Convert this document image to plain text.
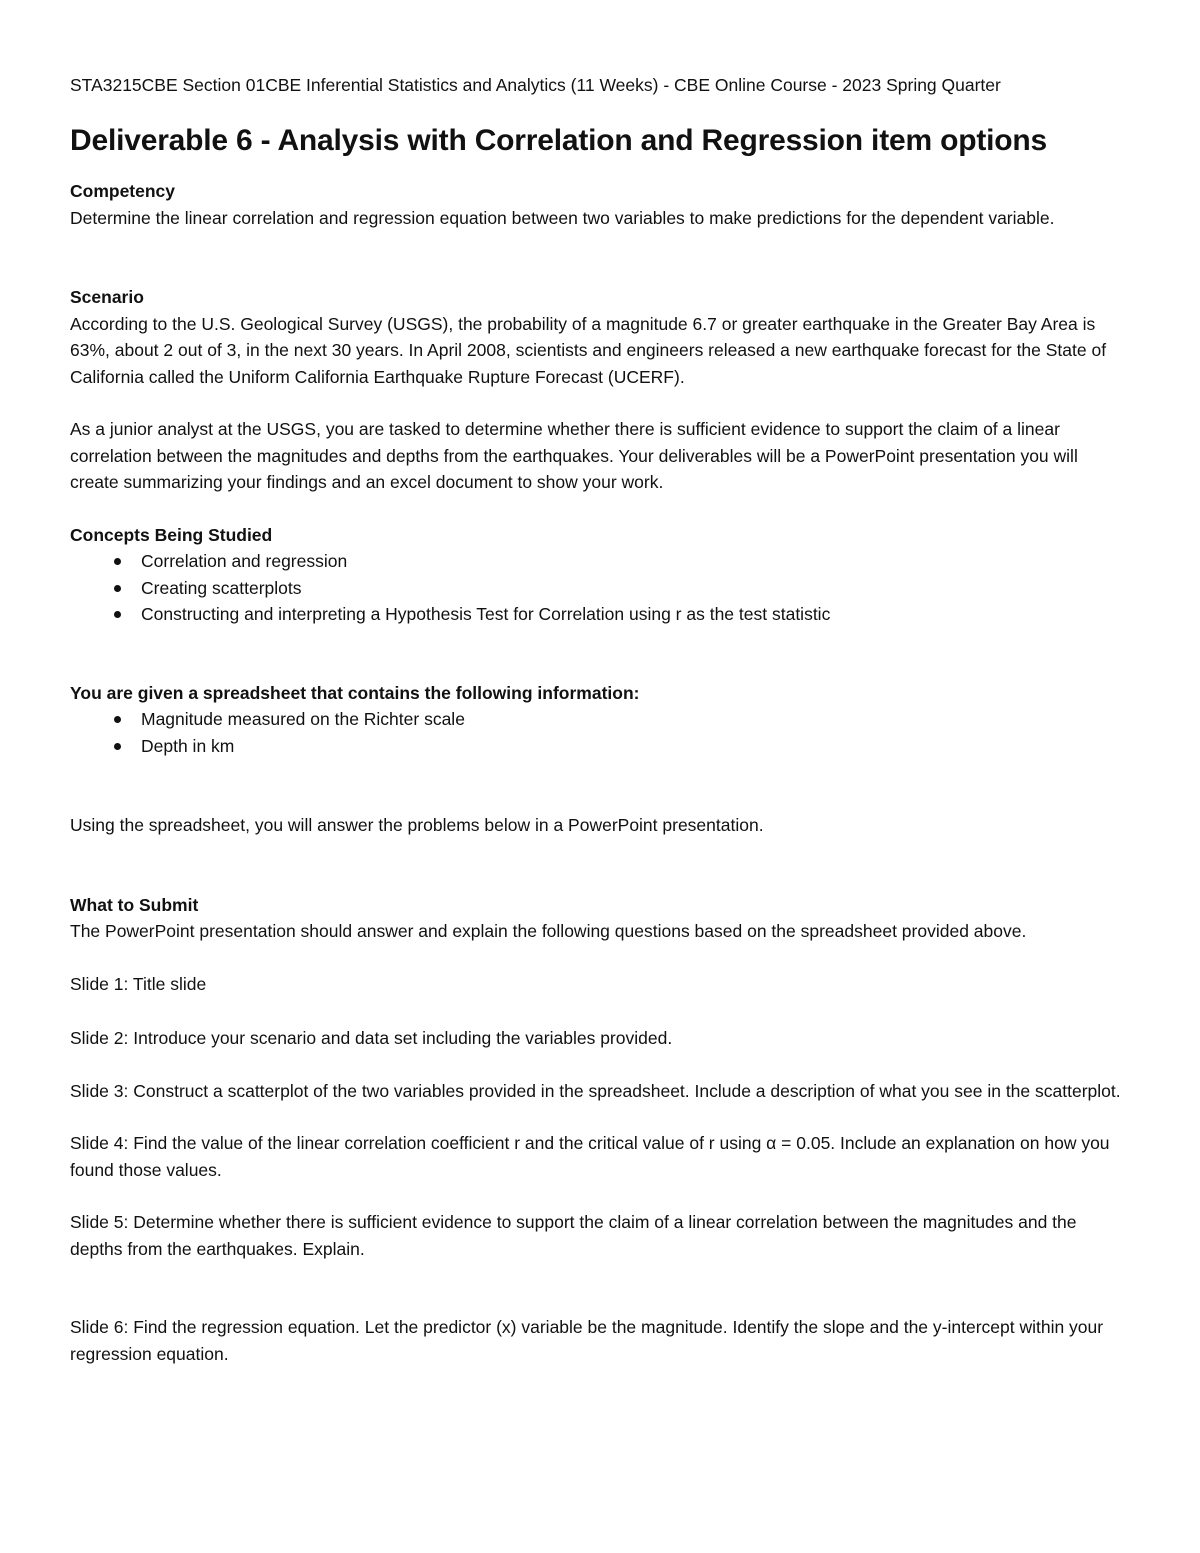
STA3215CBE Section 01CBE Inferential Statistics and Analytics (11 Weeks) - CBE Online Course - 2023 Spring Quarter

Deliverable 6 - Analysis with Correlation and Regression item options

Competency

Determine the linear correlation and regression equation between two variables to make predictions for the dependent variable.

Scenario

According to the U.S. Geological Survey (USGS), the probability of a magnitude 6.7 or greater earthquake in the Greater Bay Area is 63%, about 2 out of 3, in the next 30 years. In April 2008, scientists and engineers released a new earthquake forecast for the State of California called the Uniform California Earthquake Rupture Forecast (UCERF).

As a junior analyst at the USGS, you are tasked to determine whether there is sufficient evidence to support the claim of a linear correlation between the magnitudes and depths from the earthquakes. Your deliverables will be a PowerPoint presentation you will create summarizing your findings and an excel document to show your work.

Concepts Being Studied

Correlation and regression
Creating scatterplots
Constructing and interpreting a Hypothesis Test for Correlation using r as the test statistic

You are given a spreadsheet that contains the following information:

Magnitude measured on the Richter scale
Depth in km

Using the spreadsheet, you will answer the problems below in a PowerPoint presentation.

What to Submit

The PowerPoint presentation should answer and explain the following questions based on the spreadsheet provided above.

Slide 1: Title slide

Slide 2: Introduce your scenario and data set including the variables provided.

Slide 3: Construct a scatterplot of the two variables provided in the spreadsheet. Include a description of what you see in the scatterplot.

Slide 4: Find the value of the linear correlation coefficient r and the critical value of r using α = 0.05. Include an explanation on how you found those values.

Slide 5: Determine whether there is sufficient evidence to support the claim of a linear correlation between the magnitudes and the depths from the earthquakes. Explain.

Slide 6: Find the regression equation. Let the predictor (x) variable be the magnitude. Identify the slope and the y-intercept within your regression equation.
